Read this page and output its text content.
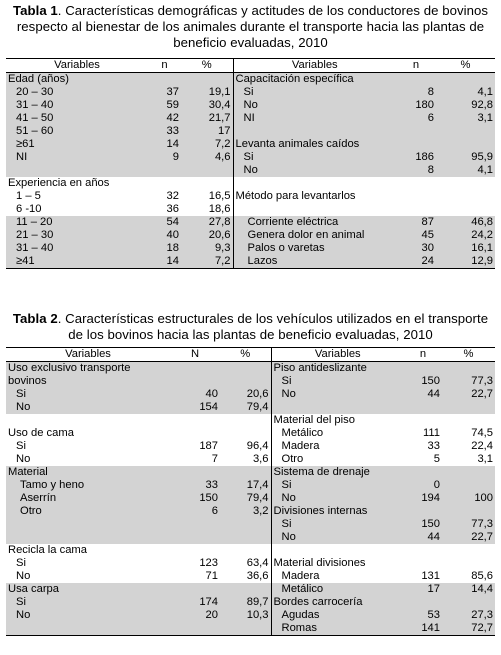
Tabla 1. Características demográficas y actitudes de los conductores de bovinos respecto al bienestar de los animales durante el transporte hacia las plantas de beneficio evaluadas, 2010
Variables	n	%	Variables	n	%
Edad (años)			Capacitación específica		
20 – 30	37	19,1	Si	8	4,1
31 – 40	59	30,4	No	180	92,8
41 – 50	42	21,7	NI	6	3,1
51 – 60	33	17			
≥61	14	7,2	Levanta animales caídos		
NI	9	4,6	Si	186	95,9
			No	8	4,1
Experiencia en años					
1 – 5	32	16,5	Método para levantarlos		
6 -10	36	18,6			
11 – 20	54	27,8	Corriente eléctrica	87	46,8
21 – 30	40	20,6	Genera dolor en animal	45	24,2
31 – 40	18	9,3	Palos o varetas	30	16,1
≥41	14	7,2	Lazos	24	12,9
Tabla 2. Características estructurales de los vehículos utilizados en el transporte de los bovinos hacia las plantas de beneficio evaluadas, 2010
Variables	N	%	Variables	n	%
Uso exclusivo transporte			Piso antideslizante		
bovinos			Si	150	77,3
Si	40	20,6	No	44	22,7
No	154	79,4			
			Material del piso		
Uso de cama			Metálico	111	74,5
Si	187	96,4	Madera	33	22,4
No	7	3,6	Otro	5	3,1
Material			Sistema de drenaje		
Tamo y heno	33	17,4	Si	0	
Aserrín	150	79,4	No	194	100
Otro	6	3,2	Divisiones internas		
			Si	150	77,3
			No	44	22,7
Recicla la cama					
Si	123	63,4	Material divisiones		
No	71	36,6	Madera	131	85,6
Usa carpa			Metálico	17	14,4
Si	174	89,7	Bordes carrocería		
No	20	10,3	Agudas	53	27,3
			Romas	141	72,7
